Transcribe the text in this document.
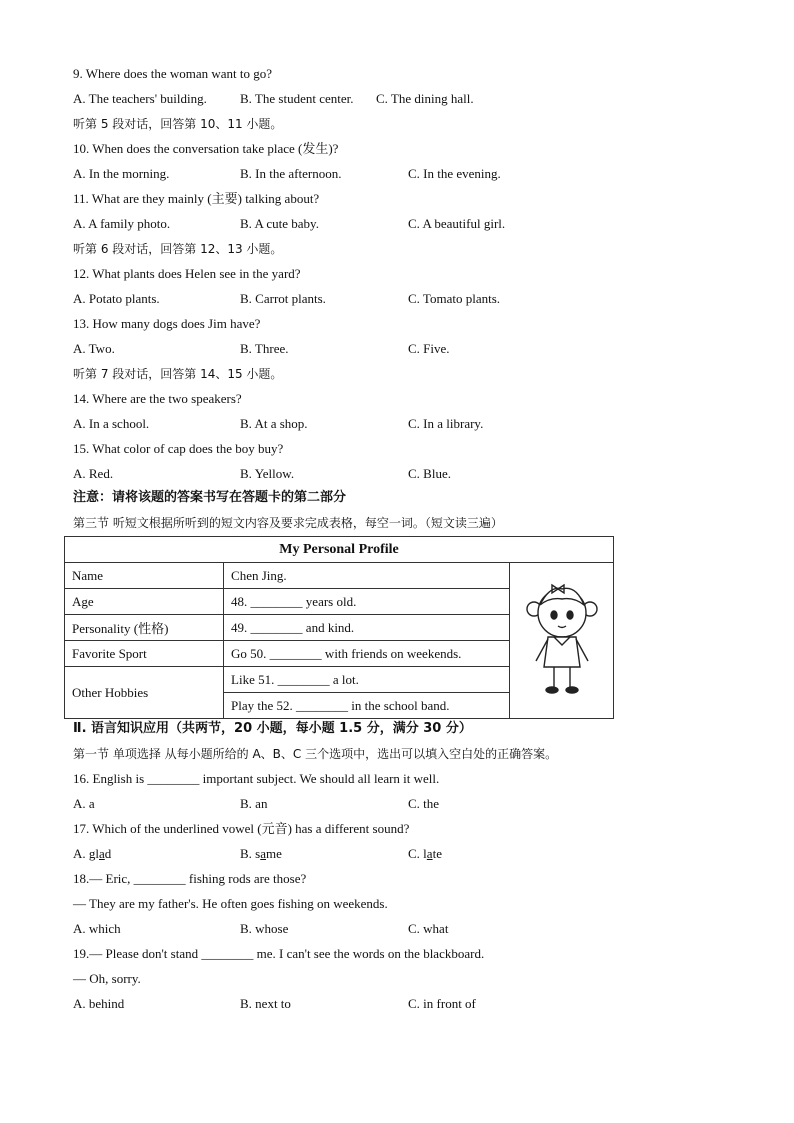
9. Where does the woman want to go?
A. The teachers' building.	B. The student center. C. The dining hall.
听第 5 段对话，回答第 10、11 小题。
10. When does the conversation take place (发生)?
A. In the morning.	B. In the afternoon.	C. In the evening.
11. What are they mainly (主要) talking about?
A. A family photo.	B. A cute baby.	C. A beautiful girl.
听第 6 段对话，回答第 12、13 小题。
12. What plants does Helen see in the yard?
A. Potato plants.	B. Carrot plants.	C. Tomato plants.
13. How many dogs does Jim have?
A. Two.	B. Three.	C. Five.
听第 7 段对话，回答第 14、15 小题。
14. Where are the two speakers?
A. In a school.	B. At a shop.	C. In a library.
15. What color of cap does the boy buy?
A. Red.	B. Yellow.	C. Blue.
注意：请将该题的答案书写在答题卡的第二部分
第三节 听短文根据所听到的短文内容及要求完成表格，每空一词。（短文读三遍）
My Personal Profile		
Name	Chen Jing.	
Age	48. ________ years old.	
Personality (性格)	49. ________ and kind.	
Favorite Sport	Go 50. ________ with friends on weekends.	
Other Hobbies	Like 51. ________ a lot.	
	Play the 52. ________ in the school band.	
Ⅱ. 语言知识应用（共两节，20 小题，每小题 1.5 分，满分 30 分）
第一节 单项选择 从每小题所给的 A、B、C 三个选项中，选出可以填入空白处的正确答案。
16. English is ________ important subject. We should all learn it well.
A. a	B. an	C. the
17. Which of the underlined vowel (元音) has a different sound?
A. glad	B. same	C. late
18.— Eric, ________ fishing rods are those?
— They are my father's. He often goes fishing on weekends.
A. which	B. whose	C. what
19.— Please don't stand ________ me. I can't see the words on the blackboard.
— Oh, sorry.
A. behind	B. next to	C. in front of
